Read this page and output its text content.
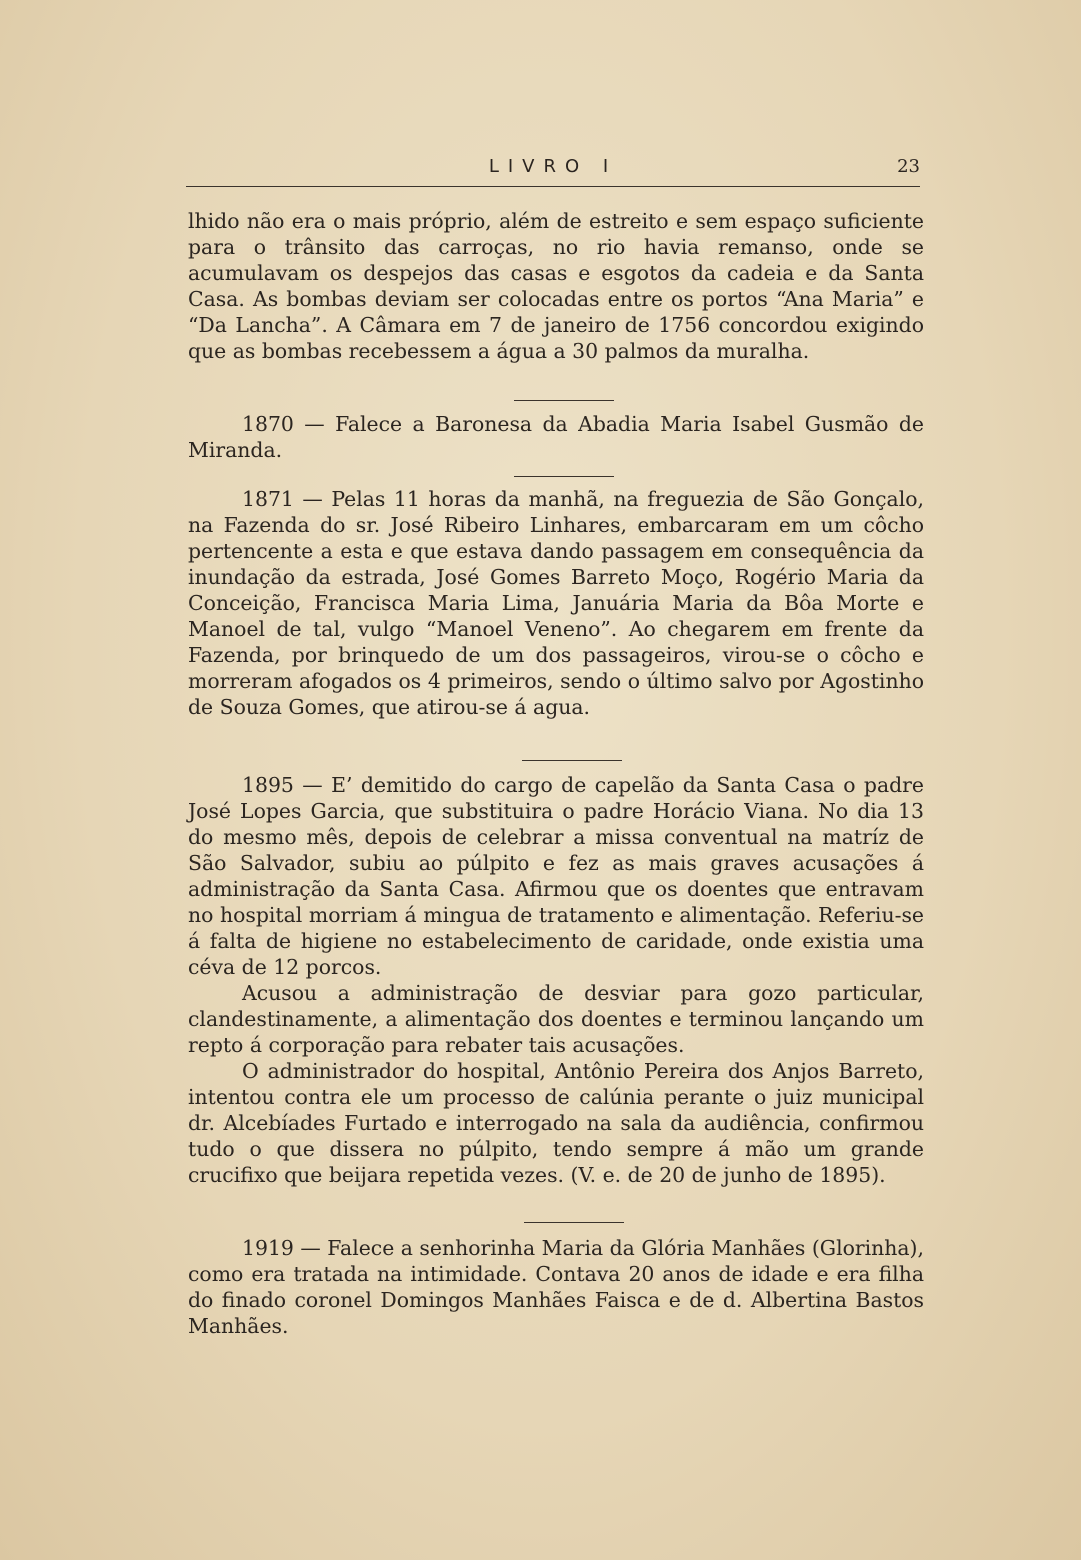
LIVRO I	23

lhido não era o mais próprio, além de estreito e sem espaço suficiente para o trânsito das carroças, no rio havia remanso, onde se acumulavam os despejos das casas e esgotos da cadeia e da Santa Casa. As bombas deviam ser colocadas entre os portos “Ana Maria” e “Da Lancha”. A Câmara em 7 de janeiro de 1756 concordou exigindo que as bombas recebessem a água a 30 palmos da muralha.

1870 — Falece a Baronesa da Abadia Maria Isabel Gusmão de Miranda.

1871 — Pelas 11 horas da manhã, na freguezia de São Gonçalo, na Fazenda do sr. José Ribeiro Linhares, embarcaram em um côcho pertencente a esta e que estava dando passagem em consequência da inundação da estrada, José Gomes Barreto Moço, Rogério Maria da Conceição, Francisca Maria Lima, Januária Maria da Bôa Morte e Manoel de tal, vulgo “Manoel Veneno”. Ao chegarem em frente da Fazenda, por brinquedo de um dos passageiros, virou-se o côcho e morreram afogados os 4 primeiros, sendo o último salvo por Agostinho de Souza Gomes, que atirou-se á agua.

1895 — E’ demitido do cargo de capelão da Santa Casa o padre José Lopes Garcia, que substituira o padre Horácio Viana. No dia 13 do mesmo mês, depois de celebrar a missa conventual na matríz de São Salvador, subiu ao púlpito e fez as mais graves acusações á administração da Santa Casa. Afirmou que os doentes que entravam no hospital morriam á mingua de tratamento e alimentação. Referiu-se á falta de higiene no estabelecimento de caridade, onde existia uma céva de 12 porcos.

Acusou a administração de desviar para gozo particular, clandestinamente, a alimentação dos doentes e terminou lançando um repto á corporação para rebater tais acusações.

O administrador do hospital, Antônio Pereira dos Anjos Barreto, intentou contra ele um processo de calúnia perante o juiz municipal dr. Alcebíades Furtado e interrogado na sala da audiência, confirmou tudo o que dissera no púlpito, tendo sempre á mão um grande crucifixo que beijara repetida vezes. (V. e. de 20 de junho de 1895).

1919 — Falece a senhorinha Maria da Glória Manhães (Glorinha), como era tratada na intimidade. Contava 20 anos de idade e era filha do finado coronel Domingos Manhães Faisca e de d. Albertina Bastos Manhães.
